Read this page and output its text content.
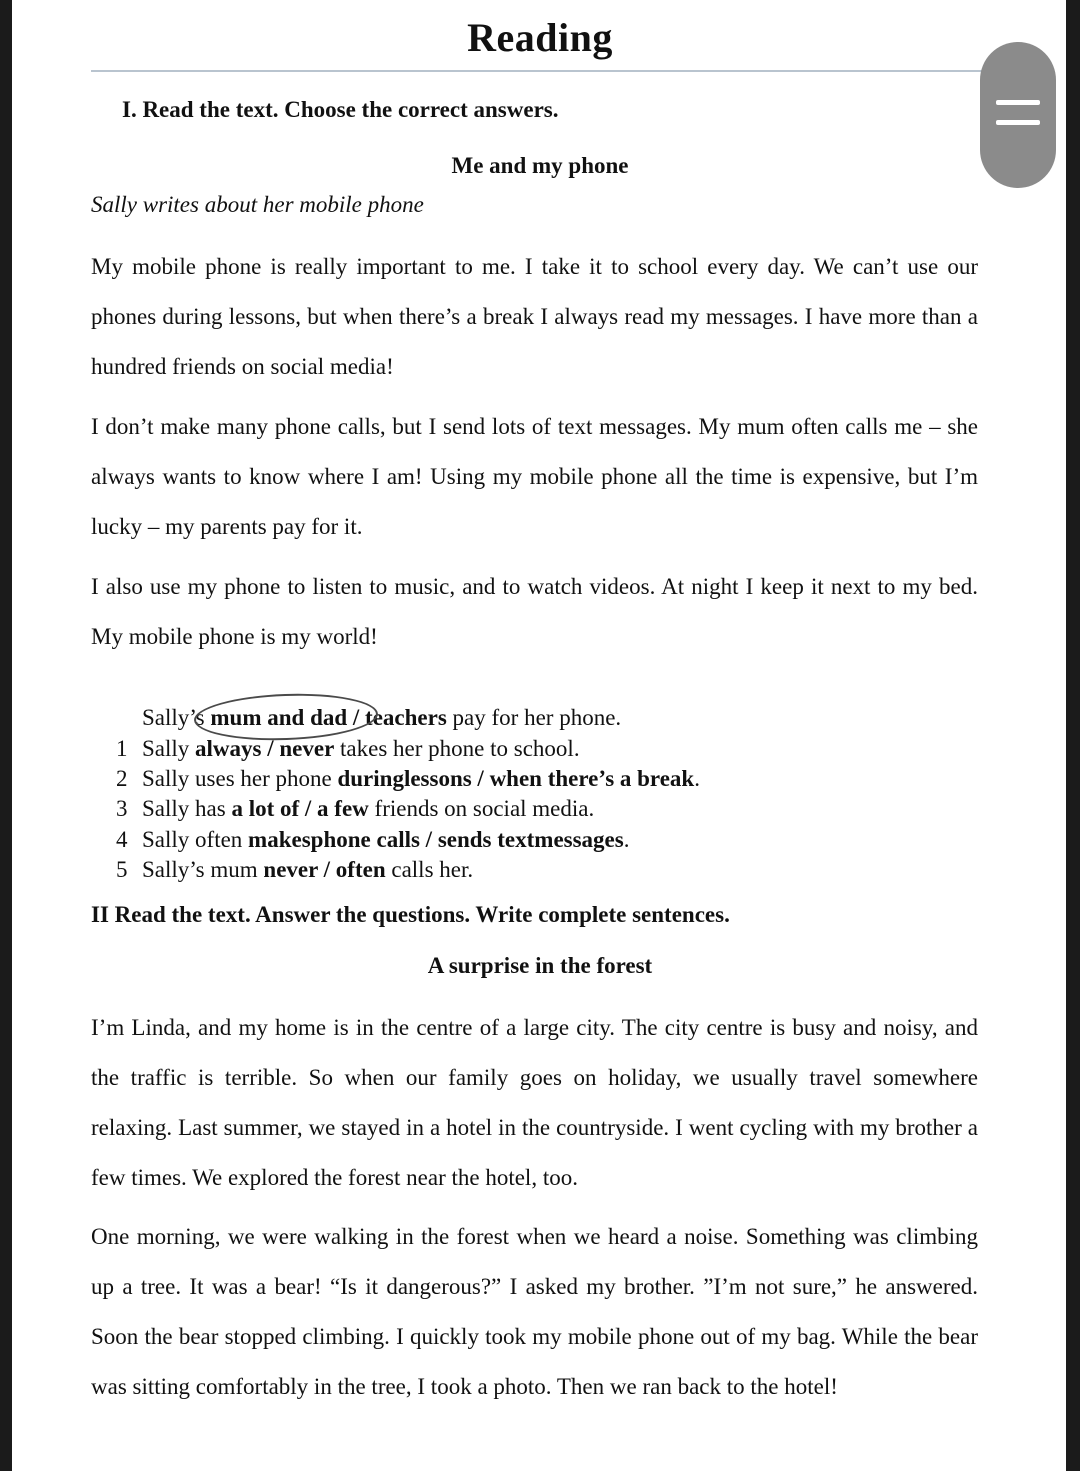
Reading
I. Read the text. Choose the correct answers.
Me and my phone
Sally writes about her mobile phone
My mobile phone is really important to me. I take it to school every day. We can’t use our phones during lessons, but when there’s a break I always read my messages. I have more than a hundred friends on social media!
I don’t make many phone calls, but I send lots of text messages. My mum often calls me – she always wants to know where I am! Using my mobile phone all the time is expensive, but I’m lucky – my parents pay for it.
I also use my phone to listen to music, and to watch videos. At night I keep it next to my bed. My mobile phone is my world!
Sally’s mum and dad / teachers pay for her phone.
1 Sally always / never takes her phone to school.
2 Sally uses her phone duringlessons / when there’s a break.
3 Sally has a lot of / a few friends on social media.
4 Sally often makesphone calls / sends textmessages.
5 Sally’s mum never / often calls her.
II Read the text. Answer the questions. Write complete sentences.
A surprise in the forest
I’m Linda, and my home is in the centre of a large city. The city centre is busy and noisy, and the traffic is terrible. So when our family goes on holiday, we usually travel somewhere relaxing. Last summer, we stayed in a hotel in the countryside. I went cycling with my brother a few times. We explored the forest near the hotel, too.
One morning, we were walking in the forest when we heard a noise. Something was climbing up a tree. It was a bear! “Is it dangerous?” I asked my brother. ”I’m not sure,” he answered. Soon the bear stopped climbing. I quickly took my mobile phone out of my bag. While the bear was sitting comfortably in the tree, I took a photo. Then we ran back to the hotel!
